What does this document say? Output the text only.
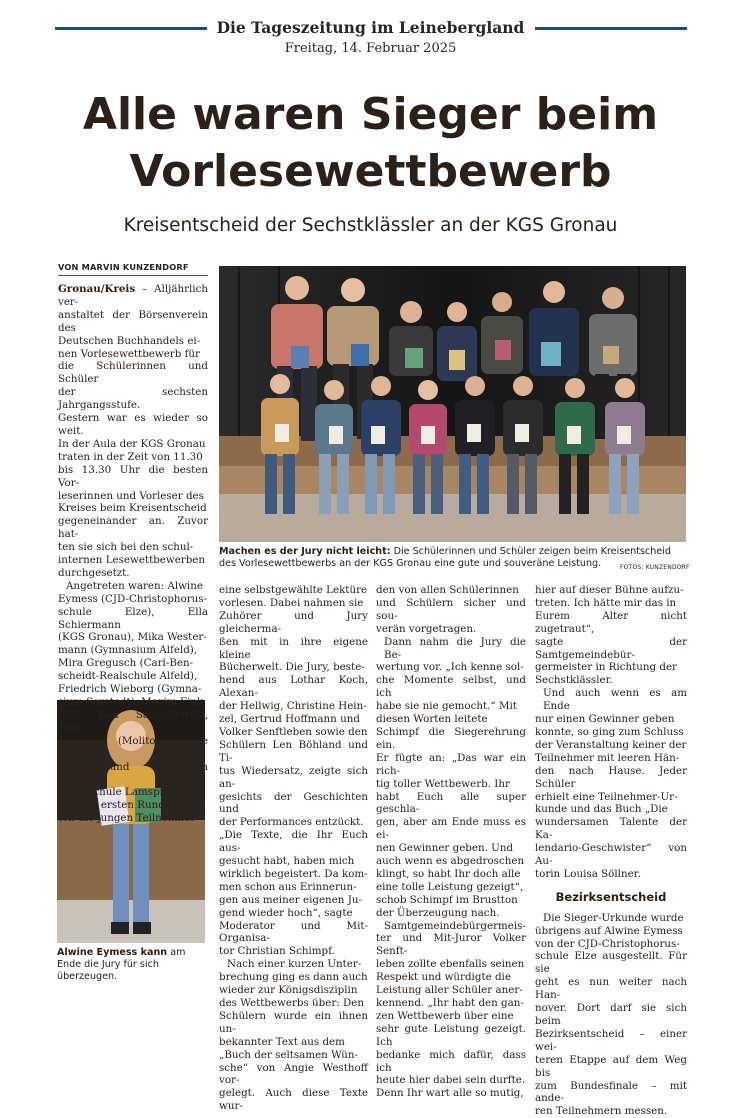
Die Tageszeitung im Leinebergland
Freitag, 14. Februar 2025
Alle waren Sieger beim
Vorlesewettbewerb
Kreisentscheid der Sechstklässler an der KGS Gronau
VON MARVIN KUNZENDORF
Machen es der Jury nicht leicht: Die Schülerinnen und Schüler zeigen beim Kreisentscheid des Vorlesewettbewerbs an der KGS Gronau eine gute und souveräne Leistung.	FOTOS: KUNZENDORF
Alwine Eymess kann am Ende die Jury für sich überzeugen.
Gronau/Kreis – Alljährlich ver-
anstaltet der Börsenverein des
Deutschen Buchhandels ei-
nen Vorlesewettbewerb für
die Schülerinnen und Schüler
der sechsten Jahrgangsstufe.
Gestern war es wieder so weit.
In der Aula der KGS Gronau
traten in der Zeit von 11.30
bis 13.30 Uhr die besten Vor-
leserinnen und Vorleser des
Kreises beim Kreisentscheid
gegeneinander an. Zuvor hat-
ten sie sich bei den schul-
internen Lesewettbewerben
durchgesetzt.
Angetreten waren: Alwine
Eymess (CJD-Christophorus-
schule Elze), Ella Schiermann
(KGS Gronau), Mika Wester-
mann (Gymnasium Alfeld),
Mira Gregusch (Carl-Ben-
scheidt-Realschule Alfeld),
Friedrich Wieborg (Gymna-
sium Sarstedt), Maxim Fink
(IGS Bad Salzdetfurth), Nele
Tönnies (Molitoris-Schule Har-
sum) und Samantha Meinders
(Oberschule Lamspringe).
In der ersten Runde muss-
ten die jungen Teilnehmer
eine selbstgewählte Lektüre
vorlesen. Dabei nahmen sie
Zuhörer und Jury gleicherma-
ßen mit in ihre eigene kleine
Bücherwelt. Die Jury, beste-
hend aus Lothar Koch, Alexan-
der Hellwig, Christine Hein-
zel, Gertrud Hoffmann und
Volker Senftleben sowie den
Schülern Len Böhland und Ti-
tus Wiedersatz, zeigte sich an-
gesichts der Geschichten und
der Performances entzückt.
„Die Texte, die Ihr Euch aus-
gesucht habt, haben mich
wirklich begeistert. Da kom-
men schon aus Erinnerun-
gen aus meiner eigenen Ju-
gend wieder hoch“, sagte
Moderator und Mit-Organisa-
tor Christian Schimpf.
Nach einer kurzen Unter-
brechung ging es dann auch
wieder zur Königsdisziplin
des Wettbewerbs über: Den
Schülern wurde ein ihnen un-
bekannter Text aus dem
„Buch der seltsamen Wün-
sche“ von Angie Westhoff vor-
gelegt. Auch diese Texte wur-
den von allen Schülerinnen
und Schülern sicher und sou-
verän vorgetragen.
Dann nahm die Jury die Be-
wertung vor. „Ich kenne sol-
che Momente selbst, und ich
habe sie nie gemocht.“ Mit
diesen Worten leitete
Schimpf die Siegerehrung ein.
Er fügte an: „Das war ein rich-
tig toller Wettbewerb. Ihr
habt Euch alle super geschla-
gen, aber am Ende muss es ei-
nen Gewinner geben. Und
auch wenn es abgedroschen
klingt, so habt Ihr doch alle
eine tolle Leistung gezeigt“,
schob Schimpf im Brustton
der Überzeugung nach.
Samtgemeindebürgermeis-
ter und Mit-Juror Volker Senft-
leben zollte ebenfalls seinen
Respekt und würdigte die
Leistung aller Schüler aner-
kennend. „Ihr habt den gan-
zen Wettbewerb über eine
sehr gute Leistung gezeigt. Ich
bedanke mich dafür, dass ich
heute hier dabei sein durfte.
Denn Ihr wart alle so mutig,
hier auf dieser Bühne aufzu-
treten. Ich hätte mir das in
Eurem Alter nicht zugetraut“,
sagte der Samtgemeindebür-
germeister in Richtung der
Sechstklässler.
Und auch wenn es am Ende
nur einen Gewinner geben
konnte, so ging zum Schluss
der Veranstaltung keiner der
Teilnehmer mit leeren Hän-
den nach Hause. Jeder Schüler
erhielt eine Teilnehmer-Ur-
kunde und das Buch „Die
wundersamen Talente der Ka-
lendario-Geschwister“ von Au-
torin Louisa Söllner.
Bezirksentscheid
Die Sieger-Urkunde wurde
übrigens auf Alwine Eymess
von der CJD-Christophorus-
schule Elze ausgestellt. Für sie
geht es nun weiter nach Han-
nover. Dort darf sie sich beim
Bezirksentscheid – einer wei-
teren Etappe auf dem Weg bis
zum Bundesfinale – mit ande-
ren Teilnehmern messen.
